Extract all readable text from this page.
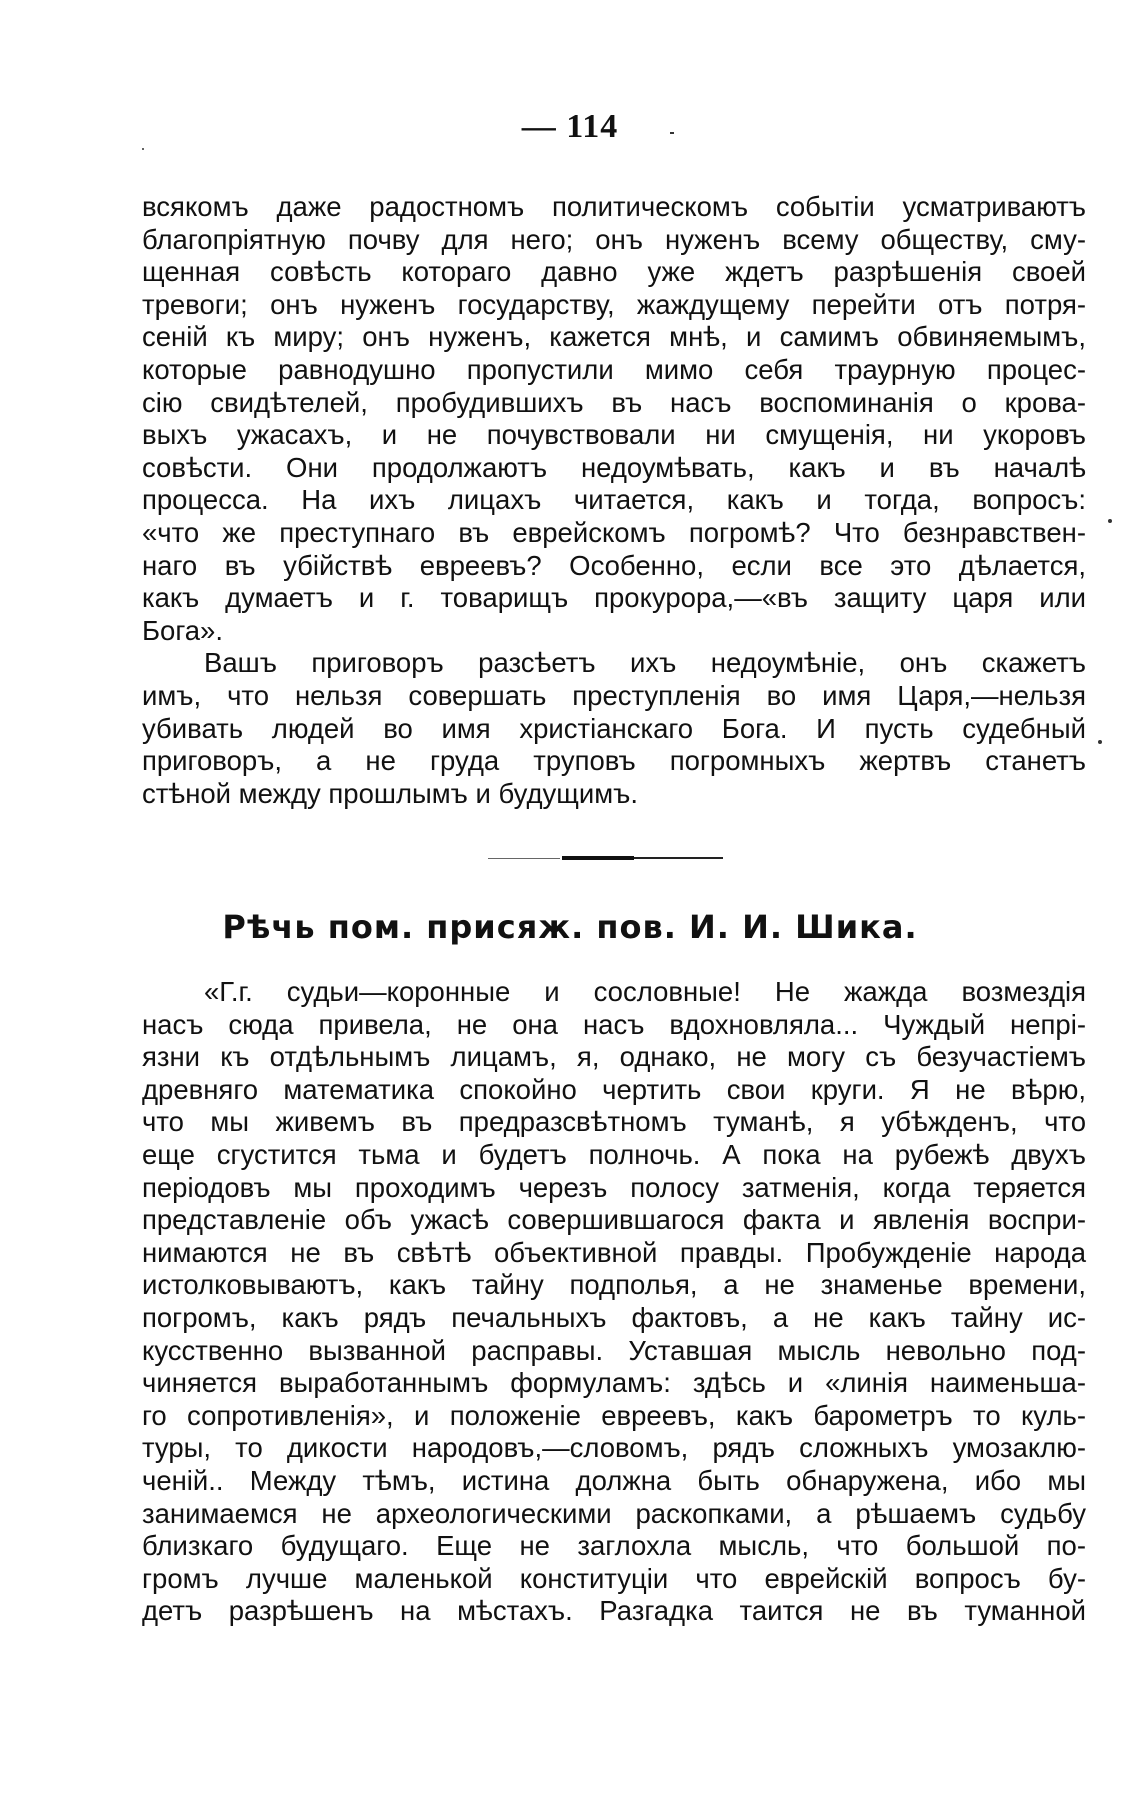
— 114
всякомъ даже радостномъ политическомъ событiи усматриваютъ
благопрiятную почву для него; онъ нуженъ всему обществу, сму-
щенная совѣсть котораго давно уже ждетъ разрѣшенiя своей
тревоги; онъ нуженъ государству, жаждущему перейти отъ потря-
сенiй къ миру; онъ нуженъ, кажется мнѣ, и самимъ обвиняемымъ,
которые равнодушно пропустили мимо себя траурную процес-
сiю свидѣтелей, пробудившихъ въ насъ воспоминанiя о крова-
выхъ ужасахъ, и не почувствовали ни смущенiя, ни укоровъ
совѣсти. Они продолжаютъ недоумѣвать, какъ и въ началѣ
процесса. На ихъ лицахъ читается, какъ и тогда, вопросъ:
«что же преступнаго въ еврейскомъ погромѣ? Что безнравствен-
наго въ убiйствѣ евреевъ? Особенно, если все это дѣлается,
какъ думаетъ и г. товарищъ прокурора,—«въ защиту царя или
Бога».
Вашъ приговоръ разсѣетъ ихъ недоумѣнiе, онъ скажетъ
имъ, что нельзя совершать преступленiя во имя Царя,—нельзя
убивать людей во имя христiанскаго Бога. И пусть судебный
приговоръ, а не груда труповъ погромныхъ жертвъ станетъ
стѣной между прошлымъ и будущимъ.
Рѣчь пом. присяж. пов. И. И. Шика.
«Г.г. судьи—коронные и сословные! Не жажда возмездiя
насъ сюда привела, не она насъ вдохновляла... Чуждый непрi-
язни къ отдѣльнымъ лицамъ, я, однако, не могу съ безучастiемъ
древняго математика спокойно чертить свои круги. Я не вѣрю,
что мы живемъ въ предразсвѣтномъ туманѣ, я убѣжденъ, что
еще сгустится тьма и будетъ полночь. А пока на рубежѣ двухъ
перiодовъ мы проходимъ черезъ полосу затменiя, когда теряется
представленiе объ ужасѣ совершившагося факта и явленiя воспри-
нимаются не въ свѣтѣ объективной правды. Пробужденiе народа
истолковываютъ, какъ тайну подполья, а не знаменье времени,
погромъ, какъ рядъ печальныхъ фактовъ, а не какъ тайну ис-
кусственно вызванной расправы. Уставшая мысль невольно под-
чиняется выработаннымъ формуламъ: здѣсь и «линiя наименьша-
го сопротивленiя», и положенiе евреевъ, какъ барометръ то куль-
туры, то дикости народовъ,—словомъ, рядъ сложныхъ умозаклю-
ченiй.. Между тѣмъ, истина должна быть обнаружена, ибо мы
занимаемся не археологическими раскопками, а рѣшаемъ судьбу
близкаго будущаго. Еще не заглохла мысль, что большой по-
громъ лучше маленькой конституцiи что еврейскiй вопросъ бу-
детъ разрѣшенъ на мѣстахъ. Разгадка таится не въ туманной
